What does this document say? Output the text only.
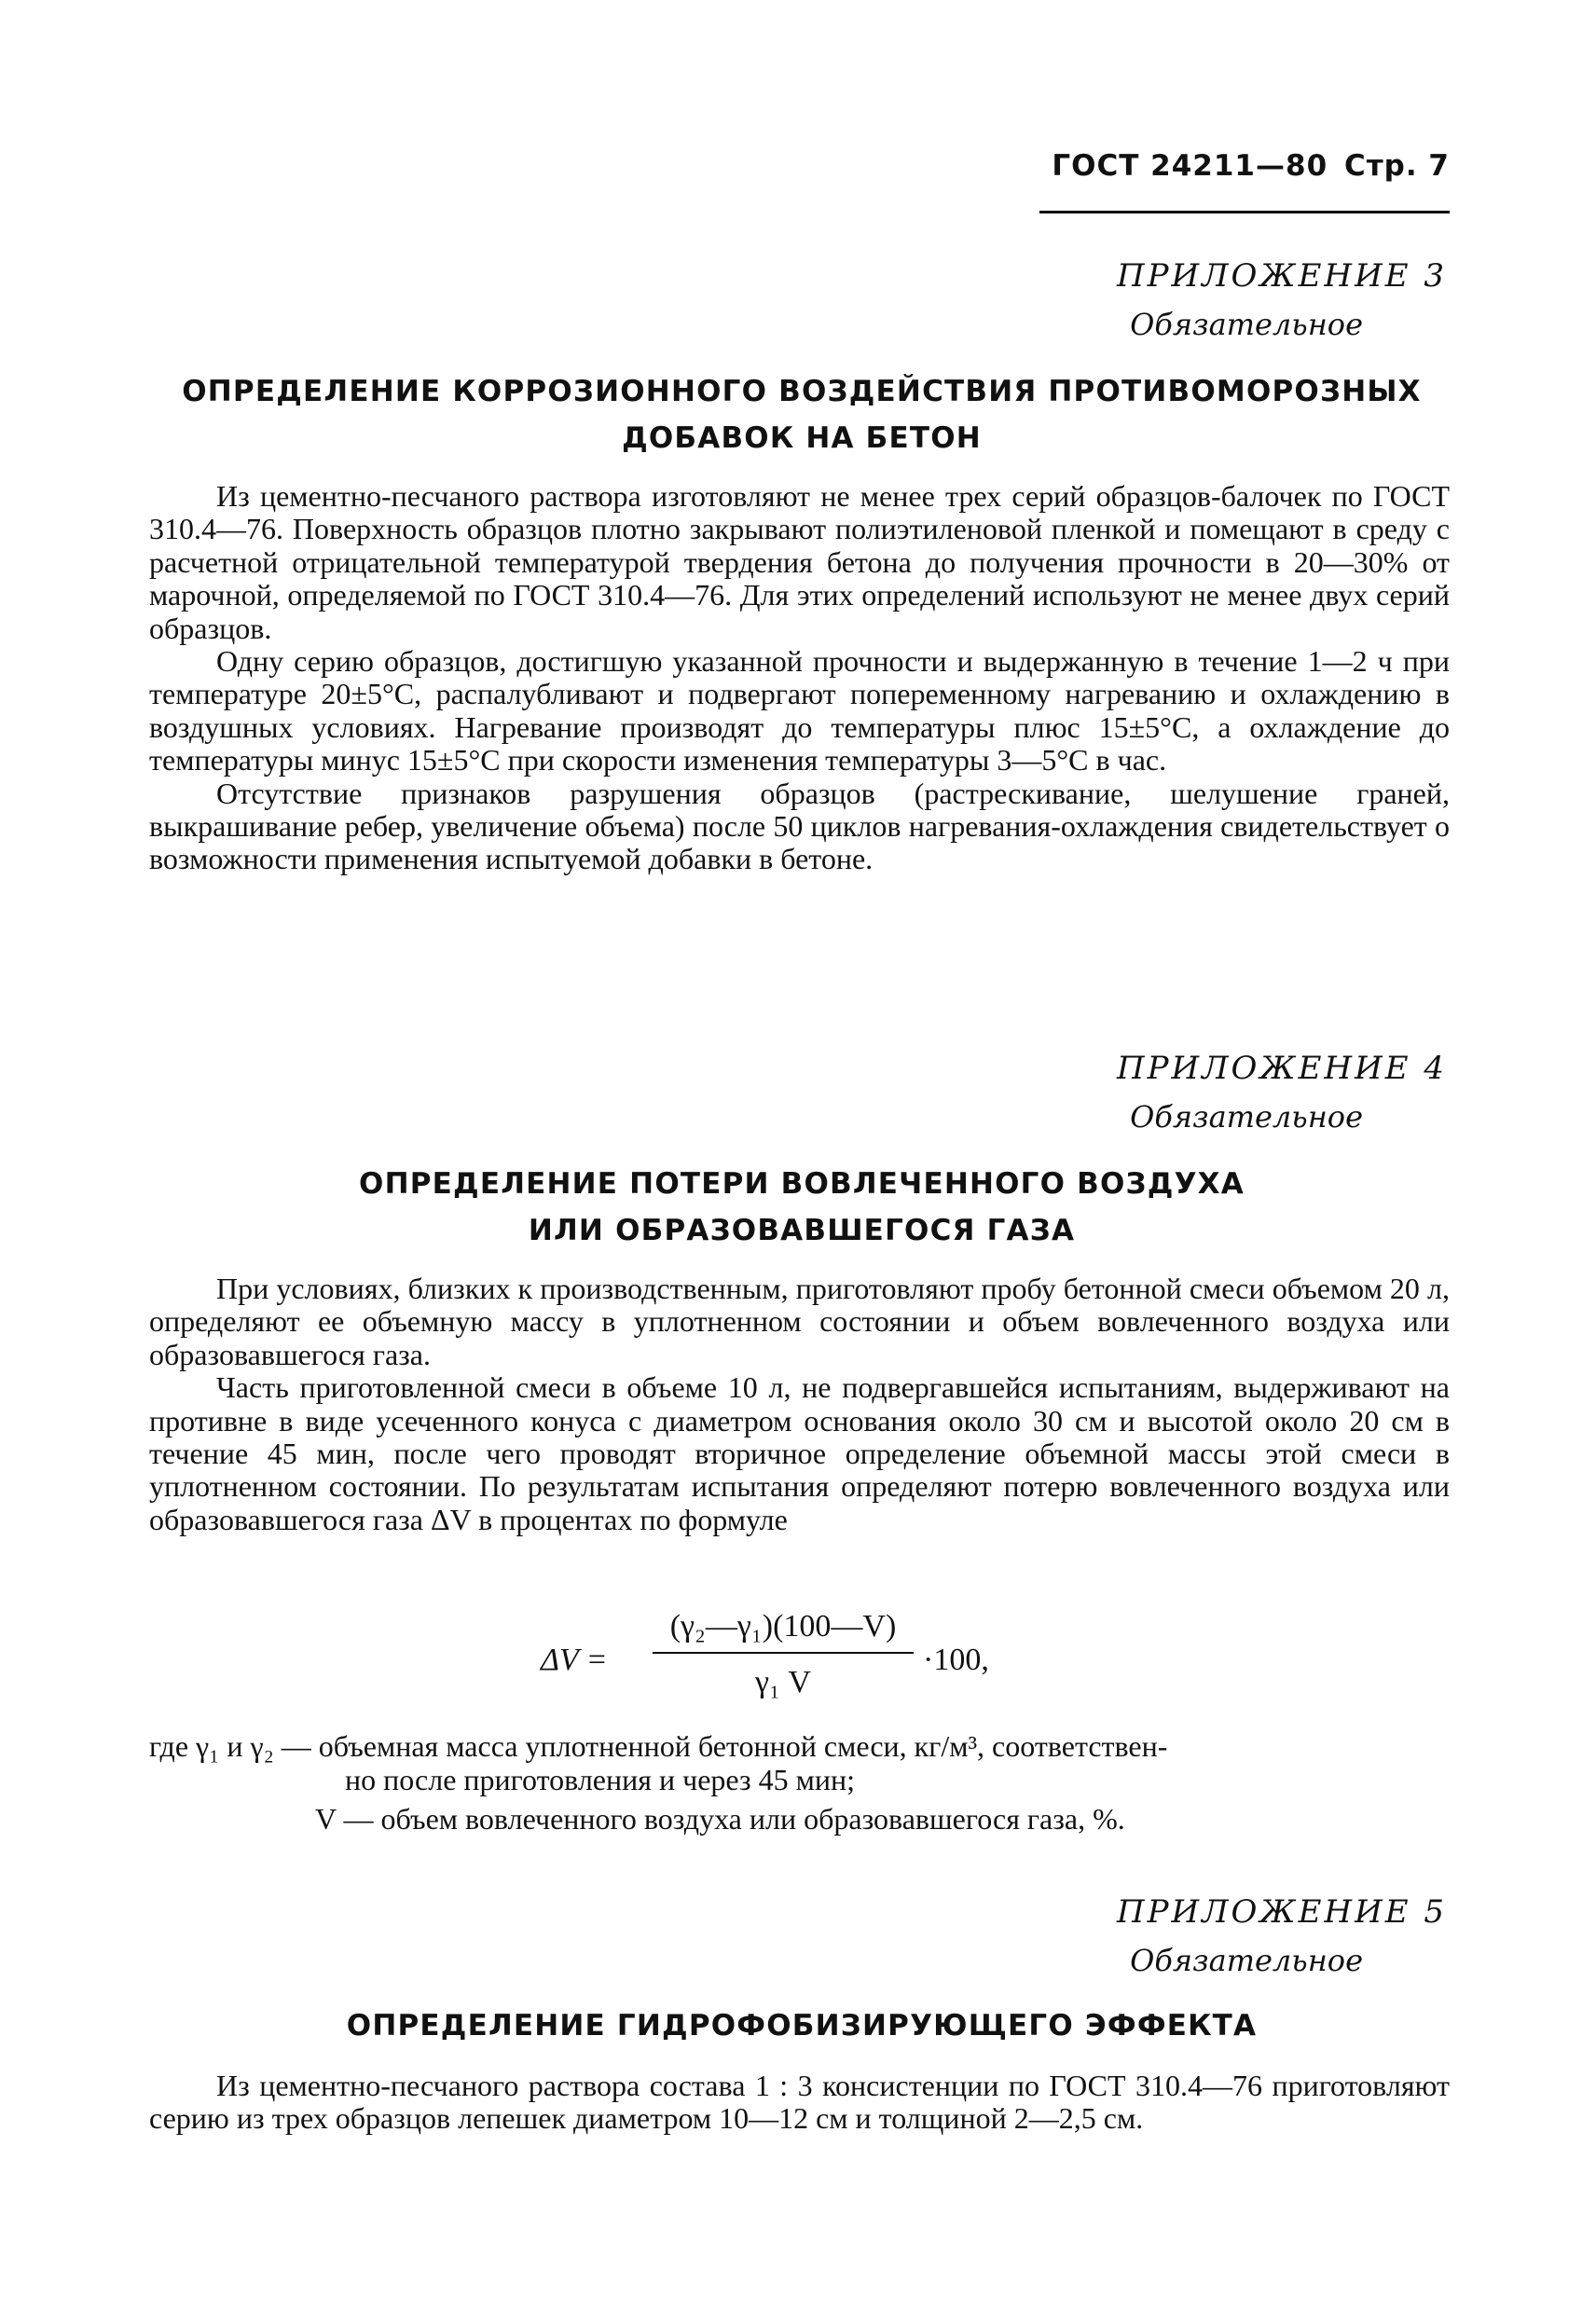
ГОСТ 24211—80 Стр. 7
ПРИЛОЖЕНИЕ 3
Обязательное
ОПРЕДЕЛЕНИЕ КОРРОЗИОННОГО ВОЗДЕЙСТВИЯ ПРОТИВОМОРОЗНЫХ
ДОБАВОК НА БЕТОН

Из цементно-песчаного раствора изготовляют не менее трех серий образцов-балочек по ГОСТ 310.4—76. Поверхность образцов плотно закрывают полиэтиленовой пленкой и помещают в среду с расчетной отрицательной температурой твердения бетона до получения прочности в 20—30% от марочной, определяемой по ГОСТ 310.4—76. Для этих определений используют не менее двух серий образцов.

Одну серию образцов, достигшую указанной прочности и выдержанную в течение 1—2 ч при температуре 20±5°С, распалубливают и подвергают попеременному нагреванию и охлаждению в воздушных условиях. Нагревание производят до температуры плюс 15±5°С, а охлаждение до температуры минус 15±5°С при скорости изменения температуры 3—5°С в час.

Отсутствие признаков разрушения образцов (растрескивание, шелушение граней, выкрашивание ребер, увеличение объема) после 50 циклов нагревания-охлаждения свидетельствует о возможности применения испытуемой добавки в бетоне.

ПРИЛОЖЕНИЕ 4
Обязательное
ОПРЕДЕЛЕНИЕ ПОТЕРИ ВОВЛЕЧЕННОГО ВОЗДУХА
ИЛИ ОБРАЗОВАВШЕГОСЯ ГАЗА

При условиях, близких к производственным, приготовляют пробу бетонной смеси объемом 20 л, определяют ее объемную массу в уплотненном состоянии и объем вовлеченного воздуха или образовавшегося газа.

Часть приготовленной смеси в объеме 10 л, не подвергавшейся испытаниям, выдерживают на противне в виде усеченного конуса с диаметром основания около 30 см и высотой около 20 см в течение 45 мин, после чего проводят вторичное определение объемной массы этой смеси в уплотненном состоянии. По результатам испытания определяют потерю вовлеченного воздуха или образовавшегося газа ΔV в процентах по формуле

ΔV =
(γ₂—γ₁)(100—V)
γ₁ V
·100,
где γ₁ и γ₂ — объемная масса уплотненной бетонной смеси, кг/м³, соответствен-
но после приготовления и через 45 мин;
V — объем вовлеченного воздуха или образовавшегося газа, %.
ПРИЛОЖЕНИЕ 5
Обязательное
ОПРЕДЕЛЕНИЕ ГИДРОФОБИЗИРУЮЩЕГО ЭФФЕКТА

Из цементно-песчаного раствора состава 1 : 3 консистенции по ГОСТ 310.4—76 приготовляют серию из трех образцов лепешек диаметром 10—12 см и толщиной 2—2,5 см.
